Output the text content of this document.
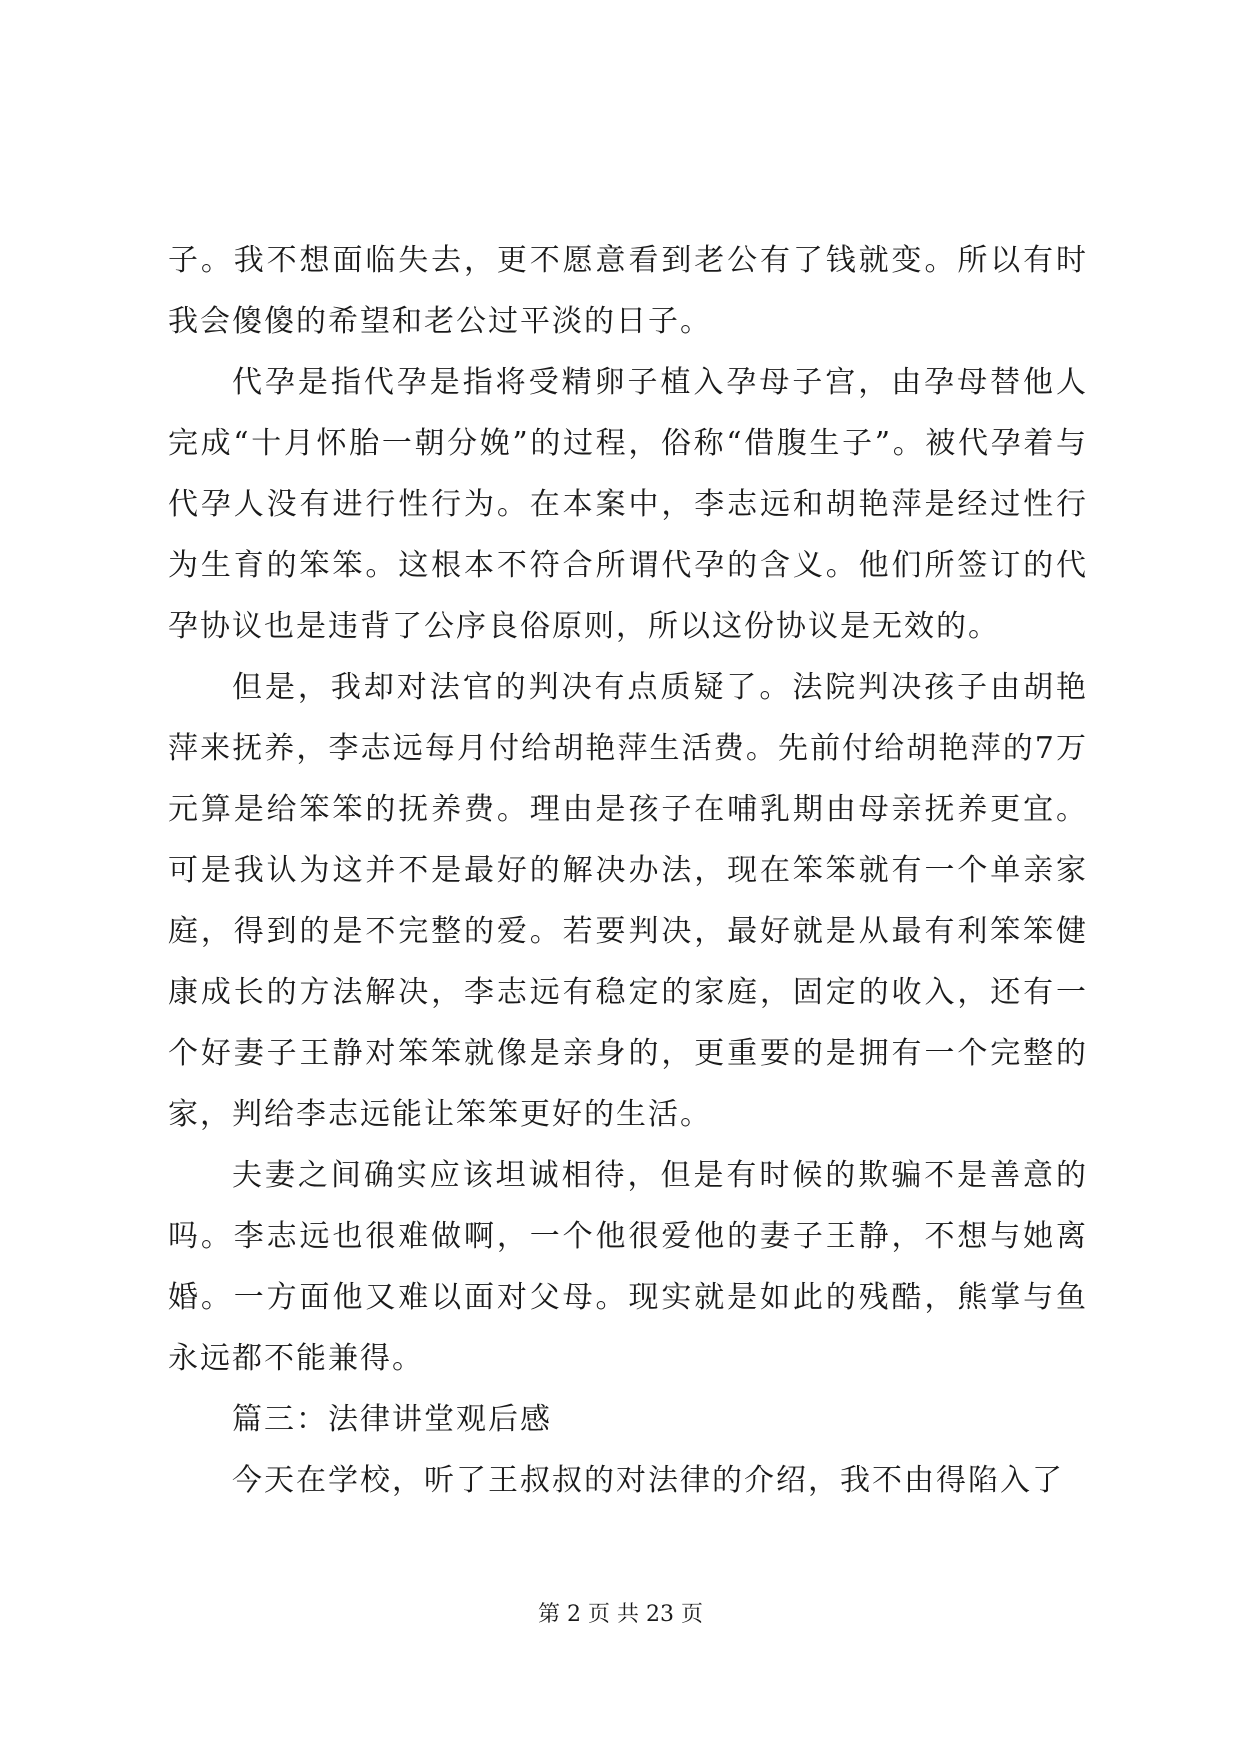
子。我不想面临失去，更不愿意看到老公有了钱就变。所以有时我会傻傻的希望和老公过平淡的日子。

代孕是指代孕是指将受精卵子植入孕母子宫，由孕母替他人完成“十月怀胎一朝分娩”的过程，俗称“借腹生子”。被代孕着与代孕人没有进行性行为。在本案中，李志远和胡艳萍是经过性行为生育的笨笨。这根本不符合所谓代孕的含义。他们所签订的代孕协议也是违背了公序良俗原则，所以这份协议是无效的。

但是，我却对法官的判决有点质疑了。法院判决孩子由胡艳萍来抚养，李志远每月付给胡艳萍生活费。先前付给胡艳萍的7万元算是给笨笨的抚养费。理由是孩子在哺乳期由母亲抚养更宜。可是我认为这并不是最好的解决办法，现在笨笨就有一个单亲家庭，得到的是不完整的爱。若要判决，最好就是从最有利笨笨健康成长的方法解决，李志远有稳定的家庭，固定的收入，还有一个好妻子王静对笨笨就像是亲身的，更重要的是拥有一个完整的家，判给李志远能让笨笨更好的生活。

夫妻之间确实应该坦诚相待，但是有时候的欺骗不是善意的吗。李志远也很难做啊，一个他很爱他的妻子王静，不想与她离婚。一方面他又难以面对父母。现实就是如此的残酷，熊掌与鱼永远都不能兼得。

篇三：法律讲堂观后感

今天在学校，听了王叔叔的对法律的介绍，我不由得陷入了

第 2 页 共 23 页
